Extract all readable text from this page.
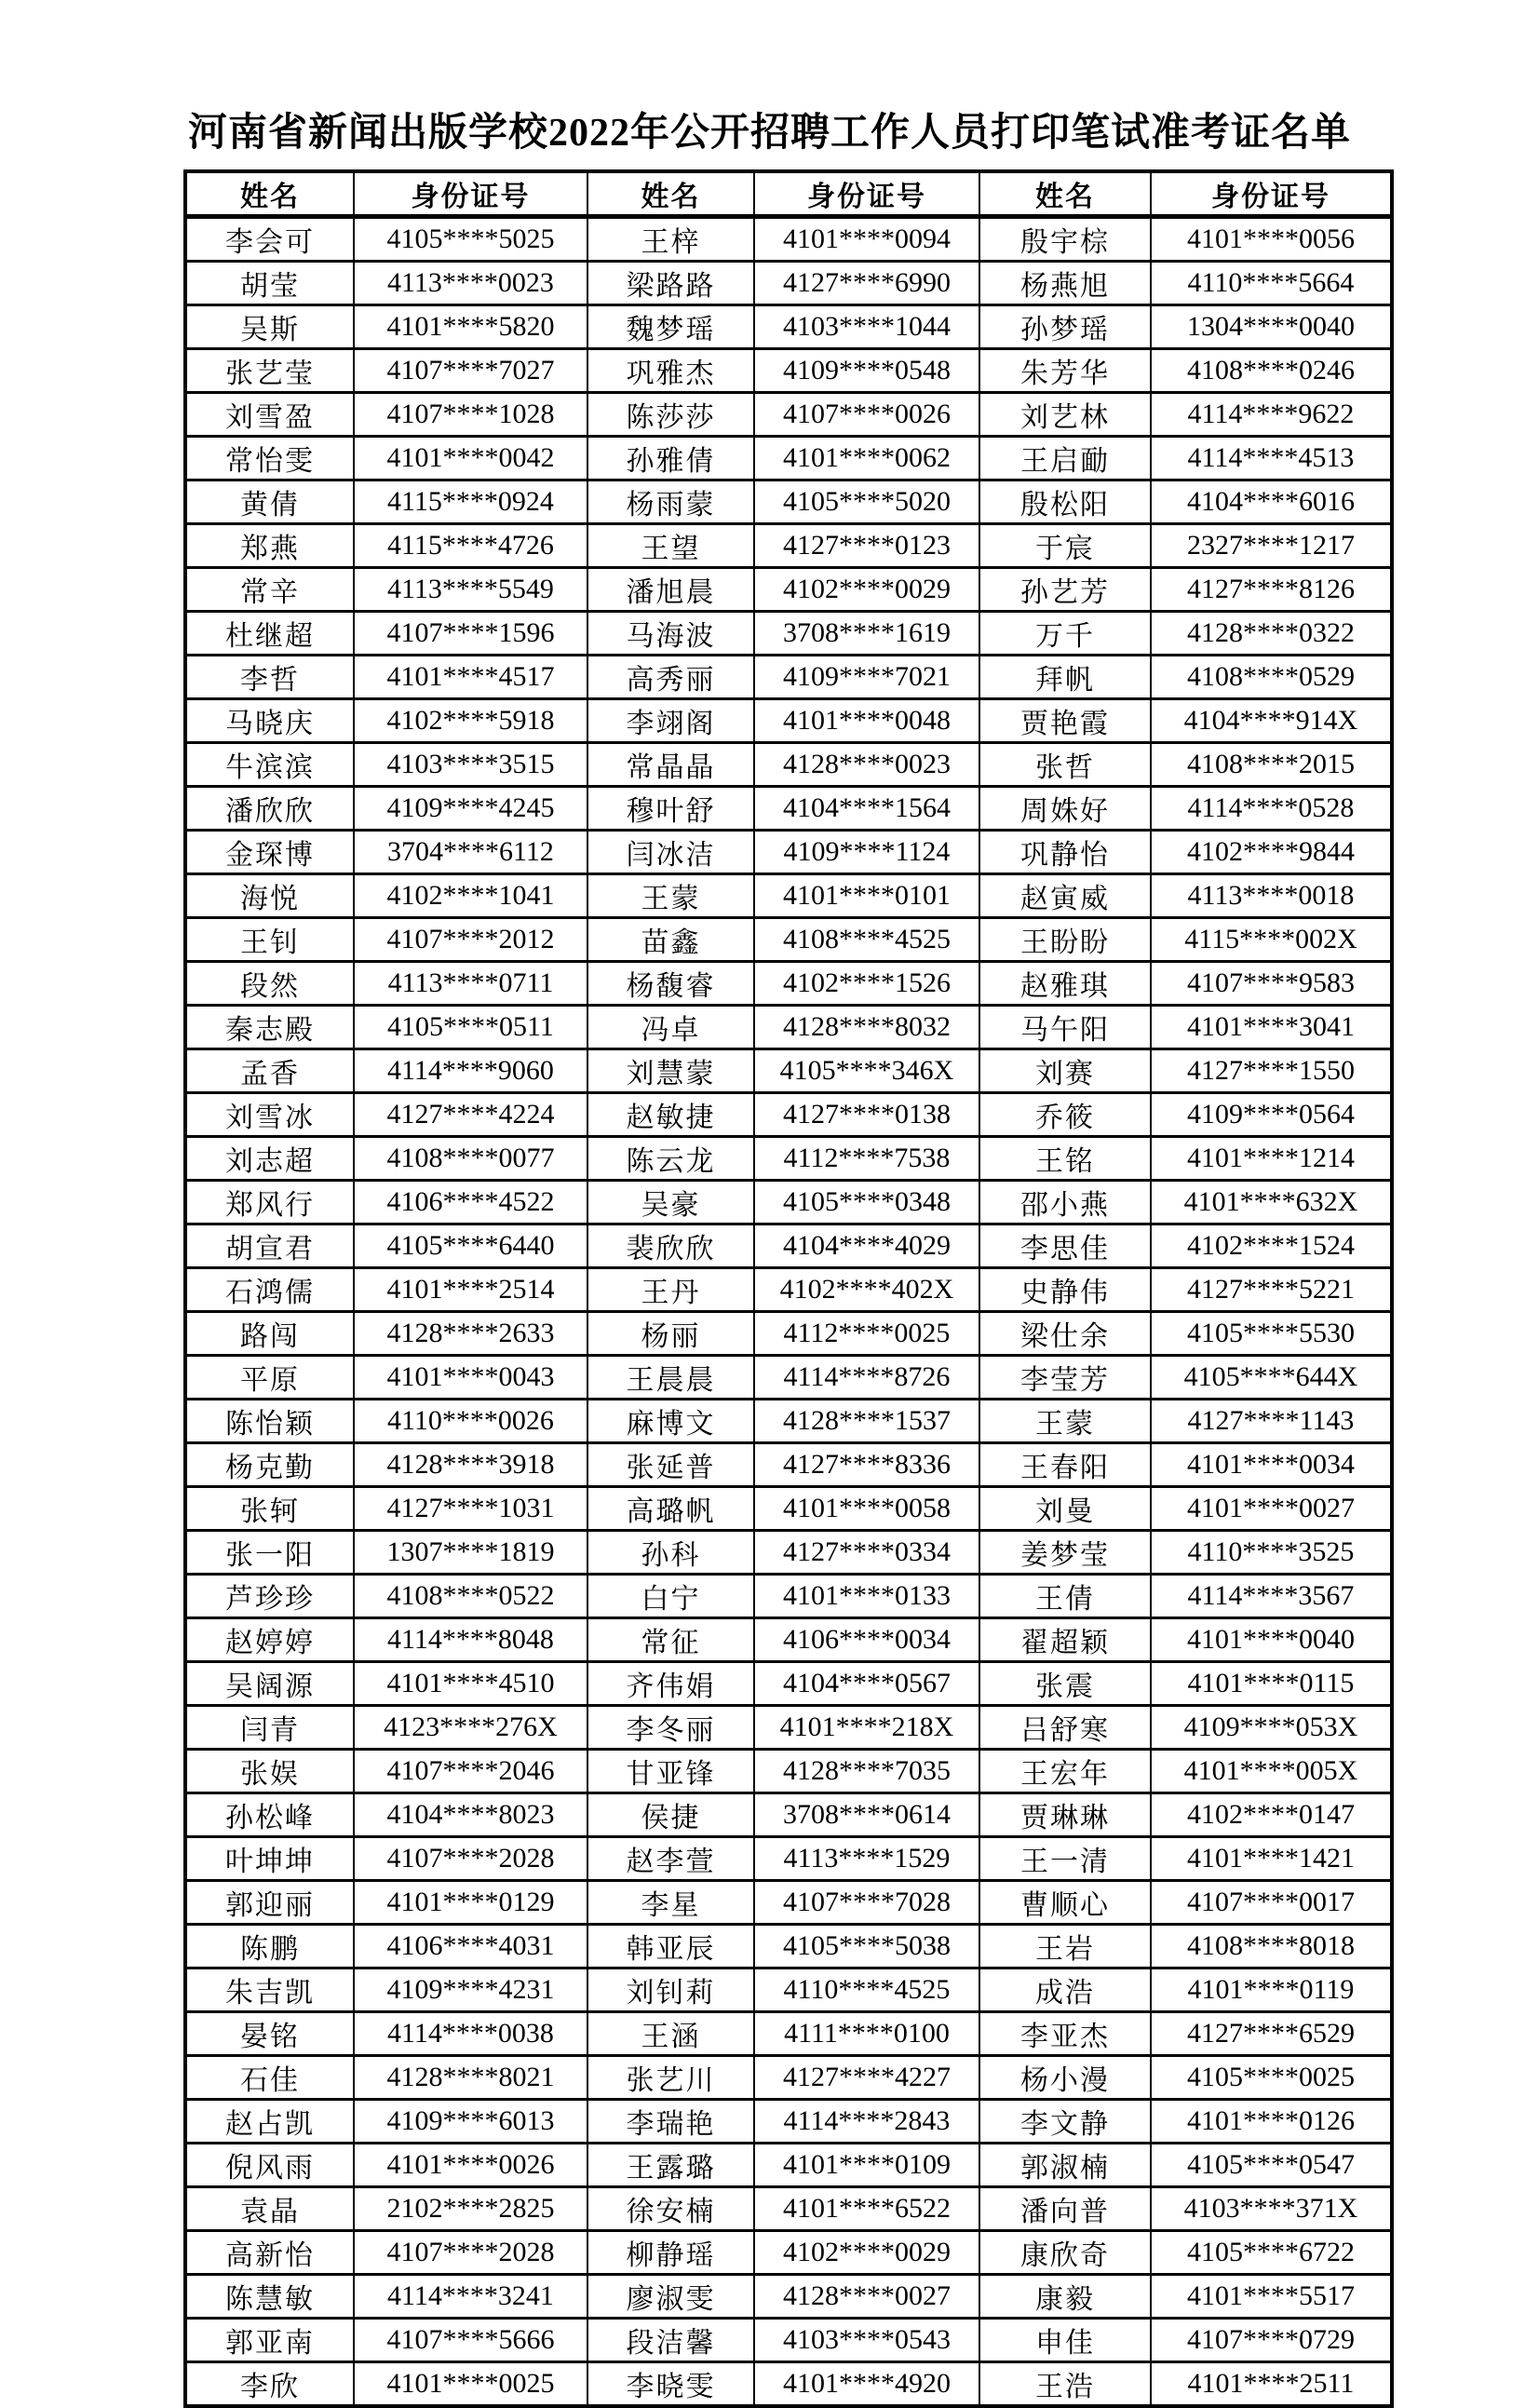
河南省新闻出版学校2022年公开招聘工作人员打印笔试准考证名单
姓名	身份证号	姓名	身份证号	姓名	身份证号
李会可	4105****5025	王梓	4101****0094	殷宇棕	4101****0056
胡莹	4113****0023	梁路路	4127****6990	杨燕旭	4110****5664
吴斯	4101****5820	魏梦瑶	4103****1044	孙梦瑶	1304****0040
张艺莹	4107****7027	巩雅杰	4109****0548	朱芳华	4108****0246
刘雪盈	4107****1028	陈莎莎	4107****0026	刘艺林	4114****9622
常怡雯	4101****0042	孙雅倩	4101****0062	王启勔	4114****4513
黄倩	4115****0924	杨雨蒙	4105****5020	殷松阳	4104****6016
郑燕	4115****4726	王望	4127****0123	于宸	2327****1217
常辛	4113****5549	潘旭晨	4102****0029	孙艺芳	4127****8126
杜继超	4107****1596	马海波	3708****1619	万千	4128****0322
李哲	4101****4517	高秀丽	4109****7021	拜帆	4108****0529
马晓庆	4102****5918	李翊阁	4101****0048	贾艳霞	4104****914X
牛滨滨	4103****3515	常晶晶	4128****0023	张哲	4108****2015
潘欣欣	4109****4245	穆叶舒	4104****1564	周姝好	4114****0528
金琛博	3704****6112	闫冰洁	4109****1124	巩静怡	4102****9844
海悦	4102****1041	王蒙	4101****0101	赵寅威	4113****0018
王钊	4107****2012	苗鑫	4108****4525	王盼盼	4115****002X
段然	4113****0711	杨馥睿	4102****1526	赵雅琪	4107****9583
秦志殿	4105****0511	冯卓	4128****8032	马午阳	4101****3041
孟香	4114****9060	刘慧蒙	4105****346X	刘赛	4127****1550
刘雪冰	4127****4224	赵敏捷	4127****0138	乔筱	4109****0564
刘志超	4108****0077	陈云龙	4112****7538	王铭	4101****1214
郑风行	4106****4522	吴豪	4105****0348	邵小燕	4101****632X
胡宣君	4105****6440	裴欣欣	4104****4029	李思佳	4102****1524
石鸿儒	4101****2514	王丹	4102****402X	史静伟	4127****5221
路闯	4128****2633	杨丽	4112****0025	梁仕余	4105****5530
平原	4101****0043	王晨晨	4114****8726	李莹芳	4105****644X
陈怡颖	4110****0026	麻博文	4128****1537	王蒙	4127****1143
杨克勤	4128****3918	张延普	4127****8336	王春阳	4101****0034
张轲	4127****1031	高璐帆	4101****0058	刘曼	4101****0027
张一阳	1307****1819	孙科	4127****0334	姜梦莹	4110****3525
芦珍珍	4108****0522	白宁	4101****0133	王倩	4114****3567
赵婷婷	4114****8048	常征	4106****0034	翟超颖	4101****0040
吴阔源	4101****4510	齐伟娟	4104****0567	张震	4101****0115
闫青	4123****276X	李冬丽	4101****218X	吕舒寒	4109****053X
张娱	4107****2046	甘亚锋	4128****7035	王宏年	4101****005X
孙松峰	4104****8023	侯捷	3708****0614	贾琳琳	4102****0147
叶坤坤	4107****2028	赵李萱	4113****1529	王一清	4101****1421
郭迎丽	4101****0129	李星	4107****7028	曹顺心	4107****0017
陈鹏	4106****4031	韩亚辰	4105****5038	王岩	4108****8018
朱吉凯	4109****4231	刘钊莉	4110****4525	成浩	4101****0119
晏铭	4114****0038	王涵	4111****0100	李亚杰	4127****6529
石佳	4128****8021	张艺川	4127****4227	杨小漫	4105****0025
赵占凯	4109****6013	李瑞艳	4114****2843	李文静	4101****0126
倪风雨	4101****0026	王露璐	4101****0109	郭淑楠	4105****0547
袁晶	2102****2825	徐安楠	4101****6522	潘向普	4103****371X
高新怡	4107****2028	柳静瑶	4102****0029	康欣奇	4105****6722
陈慧敏	4114****3241	廖淑雯	4128****0027	康毅	4101****5517
郭亚南	4107****5666	段洁馨	4103****0543	申佳	4107****0729
李欣	4101****0025	李晓雯	4101****4920	王浩	4101****2511
